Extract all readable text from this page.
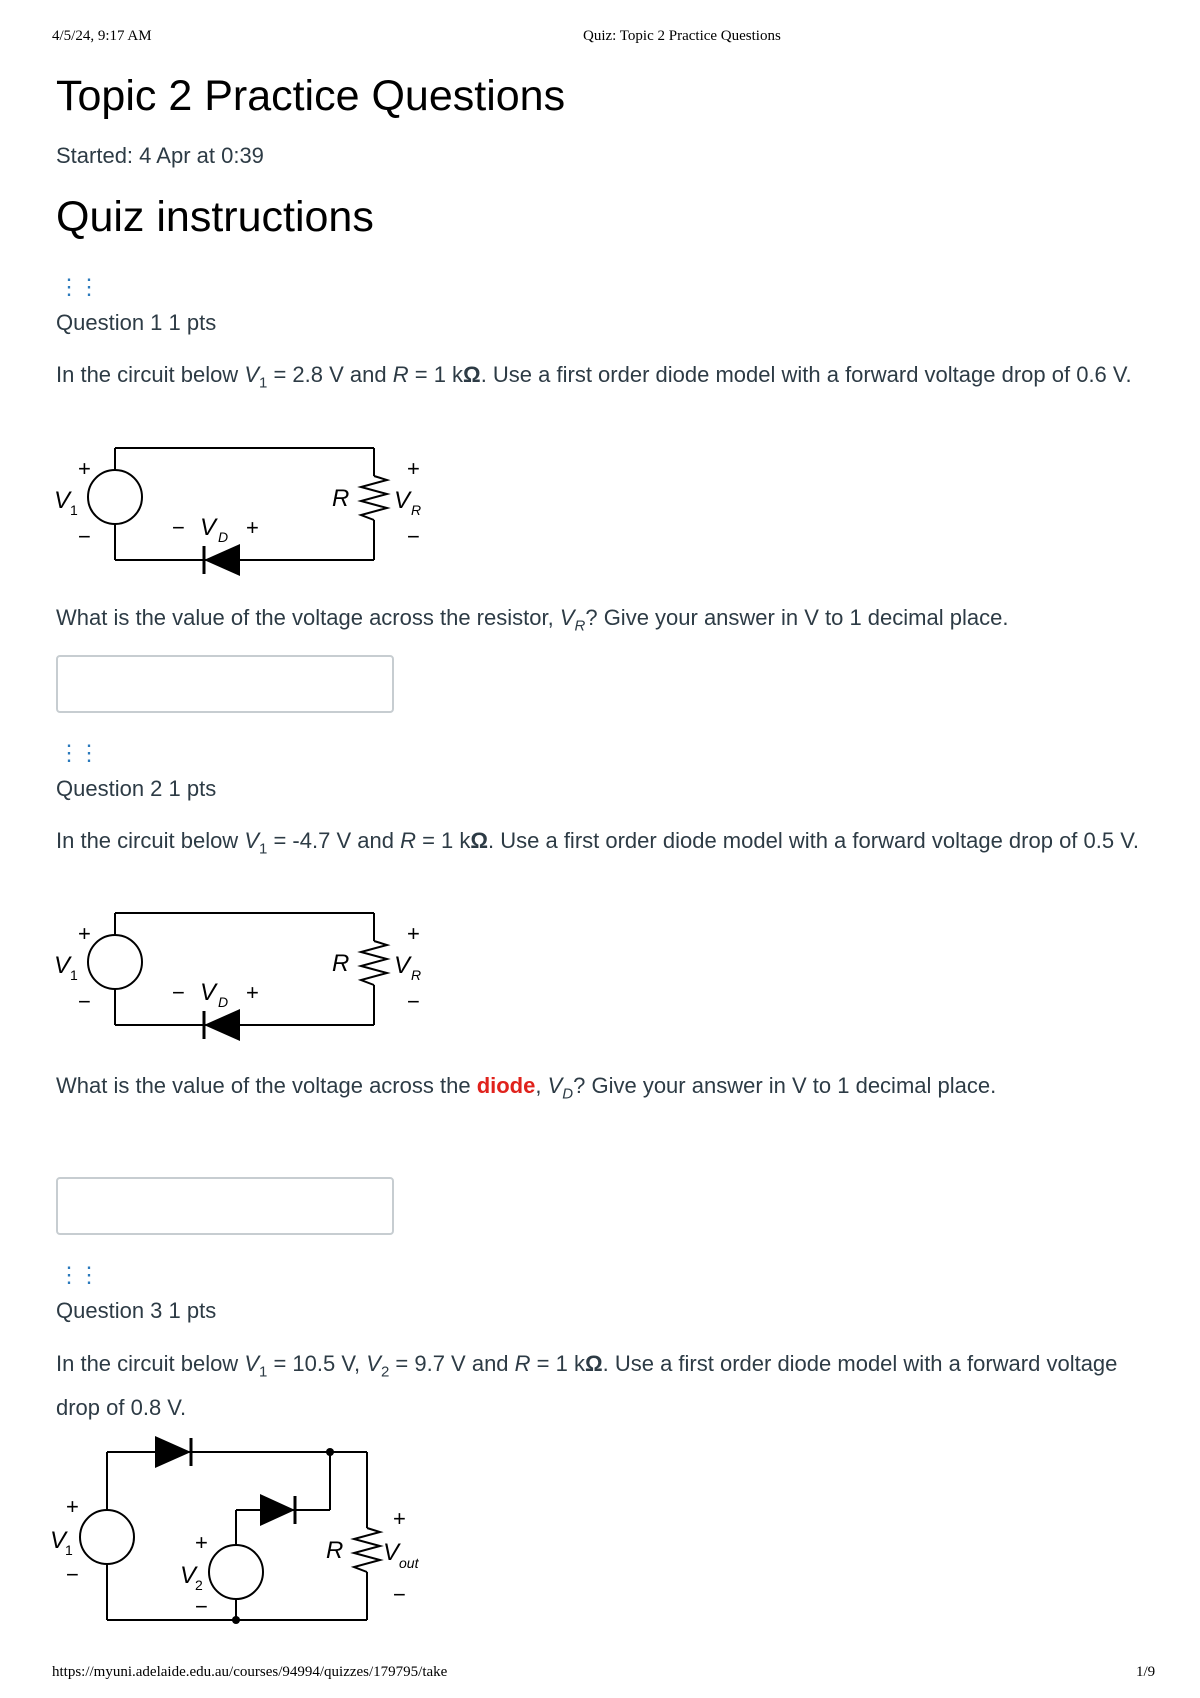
4/5/24, 9:17 AM	Quiz: Topic 2 Practice Questions
Topic 2 Practice Questions
Started: 4 Apr at 0:39
Quiz instructions
⋮⋮
Question 1 1 pts
In the circuit below $V_1 = 2.8$ V and R = 1 kΩ. Use a first order diode model with a forward voltage drop of 0.6 V.
+
V 1
−	− V D +
R
+
V R
−
What is the value of the voltage across the resistor, $V_R$? Give your answer in V to 1 decimal place.
⋮⋮
Question 2 1 pts
In the circuit below $V_1 = -4.7$ V and R = 1 kΩ. Use a first order diode model with a forward voltage drop of 0.5 V.
+
V 1
−	− V D +
R
+
V R
−
What is the value of the voltage across the diode, $V_D$? Give your answer in V to 1 decimal place.
⋮⋮
Question 3 1 pts
In the circuit below $V_1 = 10.5$ V, $V_2 = 9.7$ V and R = 1 kΩ. Use a first order diode model with a forward voltage drop of 0.8 V.
+
V
1
−
+
V
2
−
R
+
V out
−
https://myuni.adelaide.edu.au/courses/94994/quizzes/179795/take	1/9
